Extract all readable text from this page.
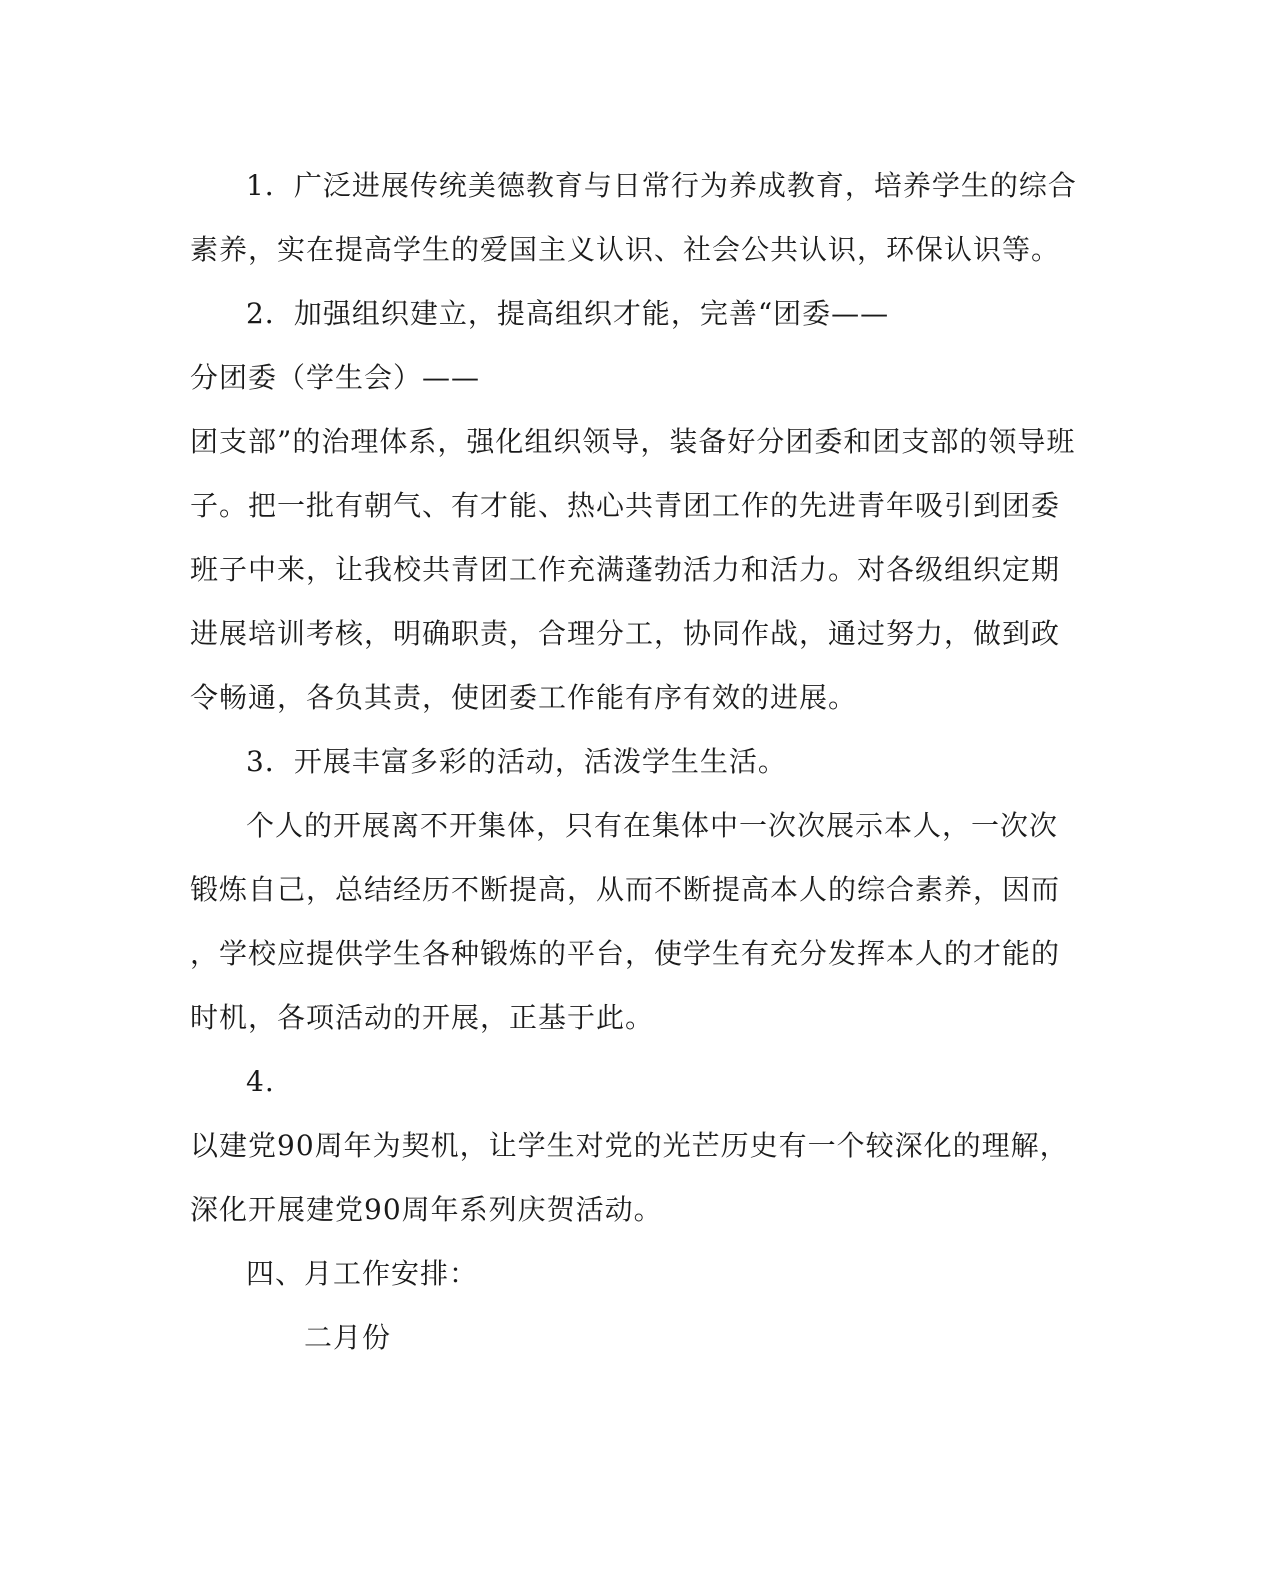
1．广泛进展传统美德教育与日常行为养成教育，培养学生的综合
素养，实在提高学生的爱国主义认识、社会公共认识，环保认识等。
2．加强组织建立，提高组织才能，完善“团委——
分团委（学生会）——
团支部”的治理体系，强化组织领导，装备好分团委和团支部的领导班
子。把一批有朝气、有才能、热心共青团工作的先进青年吸引到团委
班子中来，让我校共青团工作充满蓬勃活力和活力。对各级组织定期
进展培训考核，明确职责，合理分工，协同作战，通过努力，做到政
令畅通，各负其责，使团委工作能有序有效的进展。
3．开展丰富多彩的活动，活泼学生生活。
个人的开展离不开集体，只有在集体中一次次展示本人，一次次
锻炼自己，总结经历不断提高，从而不断提高本人的综合素养，因而
，学校应提供学生各种锻炼的平台，使学生有充分发挥本人的才能的
时机，各项活动的开展，正基于此。
4.
以建党90周年为契机，让学生对党的光芒历史有一个较深化的理解，
深化开展建党90周年系列庆贺活动。
四、月工作安排：
二月份
